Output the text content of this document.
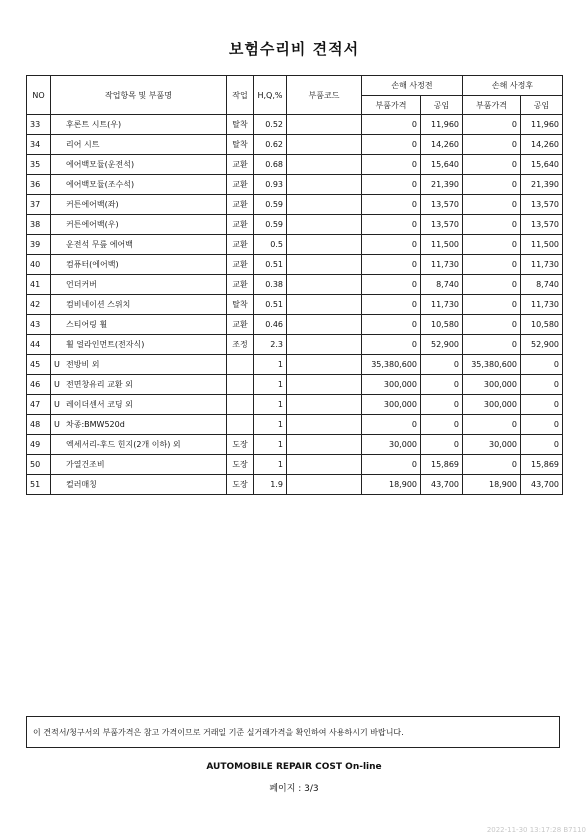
보험수리비 견적서
NO	작업항목 및 부품명	작업	H,Q,%	부품코드	손해 사정전		손해 사정후	
					부품가격	공임	부품가격	공임
33	후론트 시트(우)	탈착	0.52		0	11,960	0	11,960
34	리어 시트	탈착	0.62		0	14,260	0	14,260
35	에어백모듈(운전석)	교환	0.68		0	15,640	0	15,640
36	에어백모듈(조수석)	교환	0.93		0	21,390	0	21,390
37	커튼에어백(좌)	교환	0.59		0	13,570	0	13,570
38	커튼에어백(우)	교환	0.59		0	13,570	0	13,570
39	운전석 무릎 에어백	교환	0.5		0	11,500	0	11,500
40	컴퓨터(에어백)	교환	0.51		0	11,730	0	11,730
41	언더커버	교환	0.38		0	8,740	0	8,740
42	컴비네이션 스위치	탈착	0.51		0	11,730	0	11,730
43	스티어링 휠	교환	0.46		0	10,580	0	10,580
44	휠 얼라인먼트(전자식)	조정	2.3		0	52,900	0	52,900
45	U 전방비 외		1		35,380,600	0	35,380,600	0
46	U 전면창유리 교환 외		1		300,000	0	300,000	0
47	U 레이더센서 코딩 외		1		300,000	0	300,000	0
48	U 차종:BMW520d		1		0	0	0	0
49	엑세서리-후드 힌지(2개 이하) 외	도장	1		30,000	0	30,000	0
50	가열건조비	도장	1		0	15,869	0	15,869
51	컬러매칭	도장	1.9		18,900	43,700	18,900	43,700
이 견적서/청구서의 부품가격은 참고 가격이므로 거래일 기준 실거래가격을 확인하여 사용하시기 바랍니다.
AUTOMOBILE REPAIR COST On-line
페이지 : 3/3
2022-11-30 13:17:28 B7110
